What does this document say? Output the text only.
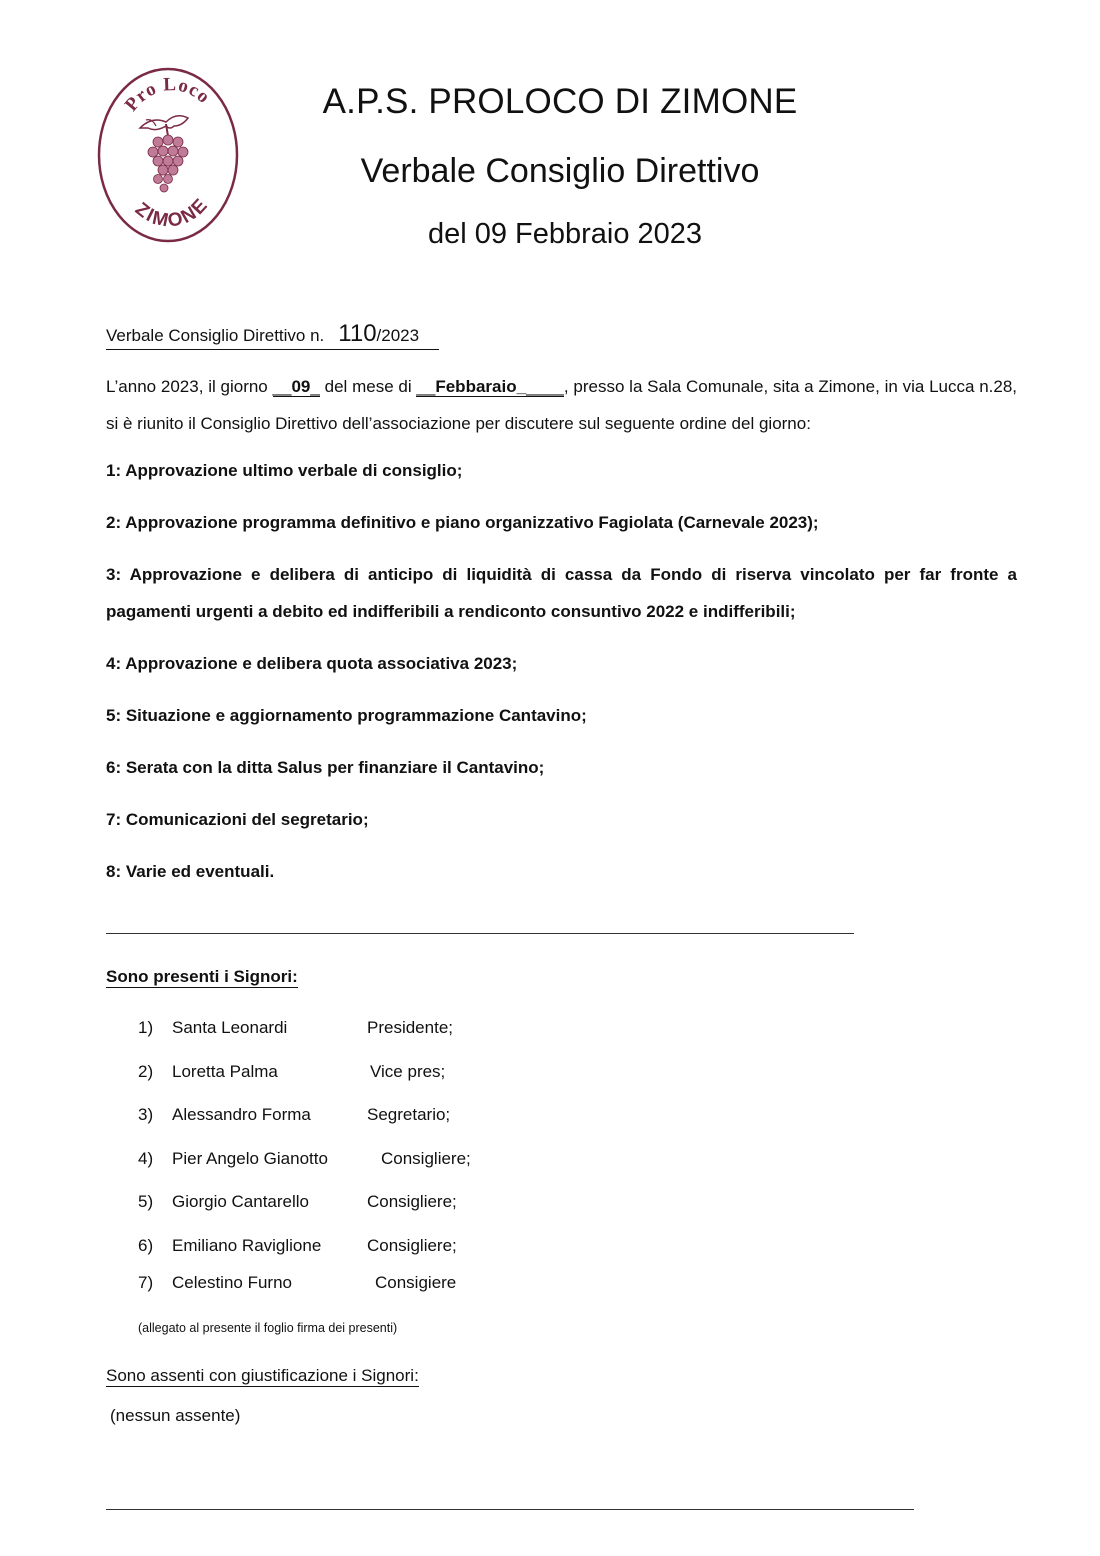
Pro Loco
ZIMONE
A.P.S. PROLOCO DI ZIMONE
Verbale Consiglio Direttivo
del 09 Febbraio 2023
Verbale Consiglio Direttivo n. 110/2023
L’anno 2023, il giorno __09_ del mese di __Febbaraio_____, presso la Sala Comunale, sita a Zimone, in via Lucca n.28, si è riunito il Consiglio Direttivo dell’associazione per discutere sul seguente ordine del giorno:
1: Approvazione ultimo verbale di consiglio;
2: Approvazione programma definitivo e piano organizzativo Fagiolata (Carnevale 2023);
3: Approvazione e delibera di anticipo di liquidità di cassa da Fondo di riserva vincolato per far fronte a pagamenti urgenti a debito ed indifferibili a rendiconto consuntivo 2022 e indifferibili;
4: Approvazione e delibera quota associativa 2023;
5: Situazione e aggiornamento programmazione Cantavino;
6: Serata con la ditta Salus per finanziare il Cantavino;
7: Comunicazioni del segretario;
8: Varie ed eventuali.
Sono presenti i Signori:
1) Santa Leonardi	Presidente;
2) Loretta Palma	Vice pres;
3) Alessandro Forma	Segretario;
4) Pier Angelo Gianotto	Consigliere;
5) Giorgio Cantarello	Consigliere;
6) Emiliano Raviglione	Consigliere;
7) Celestino Furno	Consigiere
(allegato al presente il foglio firma dei presenti)
Sono assenti con giustificazione i Signori:
(nessun assente)
